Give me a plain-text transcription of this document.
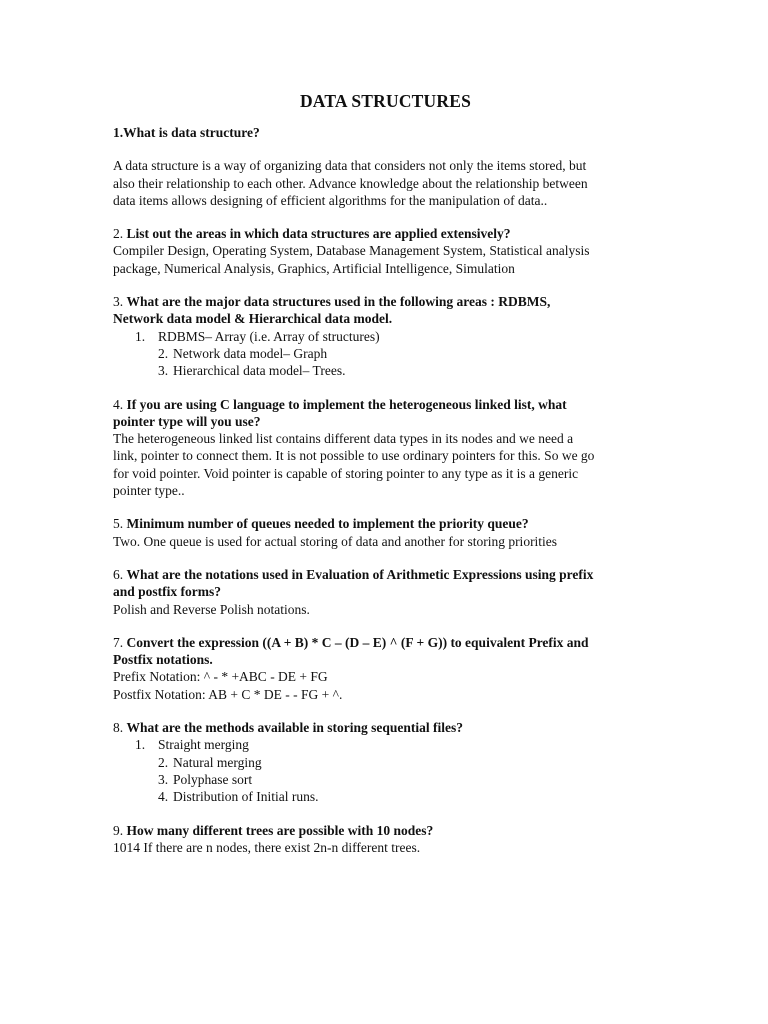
DATA STRUCTURES
1.What is data structure?

A data structure is a way of organizing data that considers not only the items stored, but

also their relationship to each other. Advance knowledge about the relationship between

data items allows designing of efficient algorithms for the manipulation of data..

2. List out the areas in which data structures are applied extensively?

Compiler Design, Operating System, Database Management System, Statistical analysis

package, Numerical Analysis, Graphics, Artificial Intelligence, Simulation

3. What are the major data structures used in the following areas : RDBMS,

Network data model & Hierarchical data model.

1. RDBMS– Array (i.e. Array of structures)
2. Network data model– Graph
3. Hierarchical data model– Trees.

4. If you are using C language to implement the heterogeneous linked list, what

pointer type will you use?

The heterogeneous linked list contains different data types in its nodes and we need a

link, pointer to connect them. It is not possible to use ordinary pointers for this. So we go

for void pointer. Void pointer is capable of storing pointer to any type as it is a generic

pointer type..

5. Minimum number of queues needed to implement the priority queue?

Two. One queue is used for actual storing of data and another for storing priorities

6. What are the notations used in Evaluation of Arithmetic Expressions using prefix

and postfix forms?

Polish and Reverse Polish notations.

7. Convert the expression ((A + B) * C – (D – E) ^ (F + G)) to equivalent Prefix and

Postfix notations.

Prefix Notation: ^ - * +ABC - DE + FG

Postfix Notation: AB + C * DE - - FG + ^.

8. What are the methods available in storing sequential files?

1. Straight merging
2. Natural merging
3. Polyphase sort
4. Distribution of Initial runs.

9. How many different trees are possible with 10 nodes?

1014 If there are n nodes, there exist 2n-n different trees.
